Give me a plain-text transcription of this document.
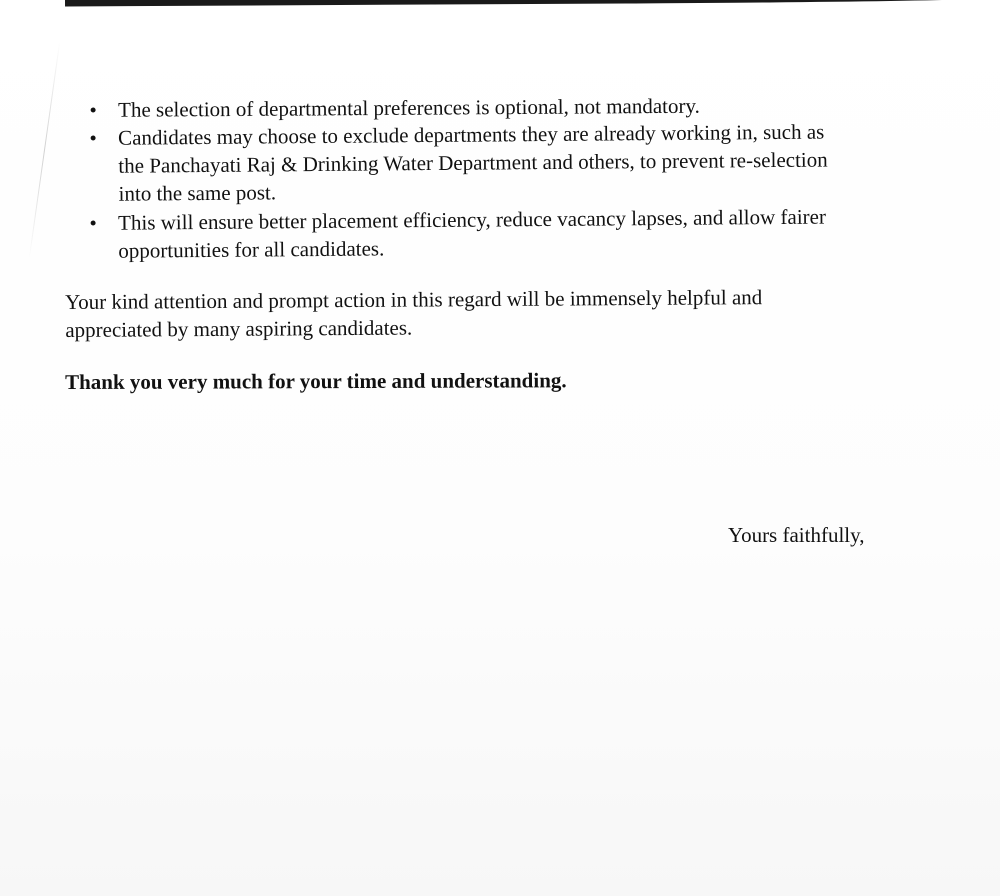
• The selection of departmental preferences is optional, not mandatory.
• Candidates may choose to exclude departments they are already working in, such as
the Panchayati Raj & Drinking Water Department and others, to prevent re-selection
into the same post.
• This will ensure better placement efficiency, reduce vacancy lapses, and allow fairer
opportunities for all candidates.
Your kind attention and prompt action in this regard will be immensely helpful and
appreciated by many aspiring candidates.
Thank you very much for your time and understanding.
Yours faithfully,
